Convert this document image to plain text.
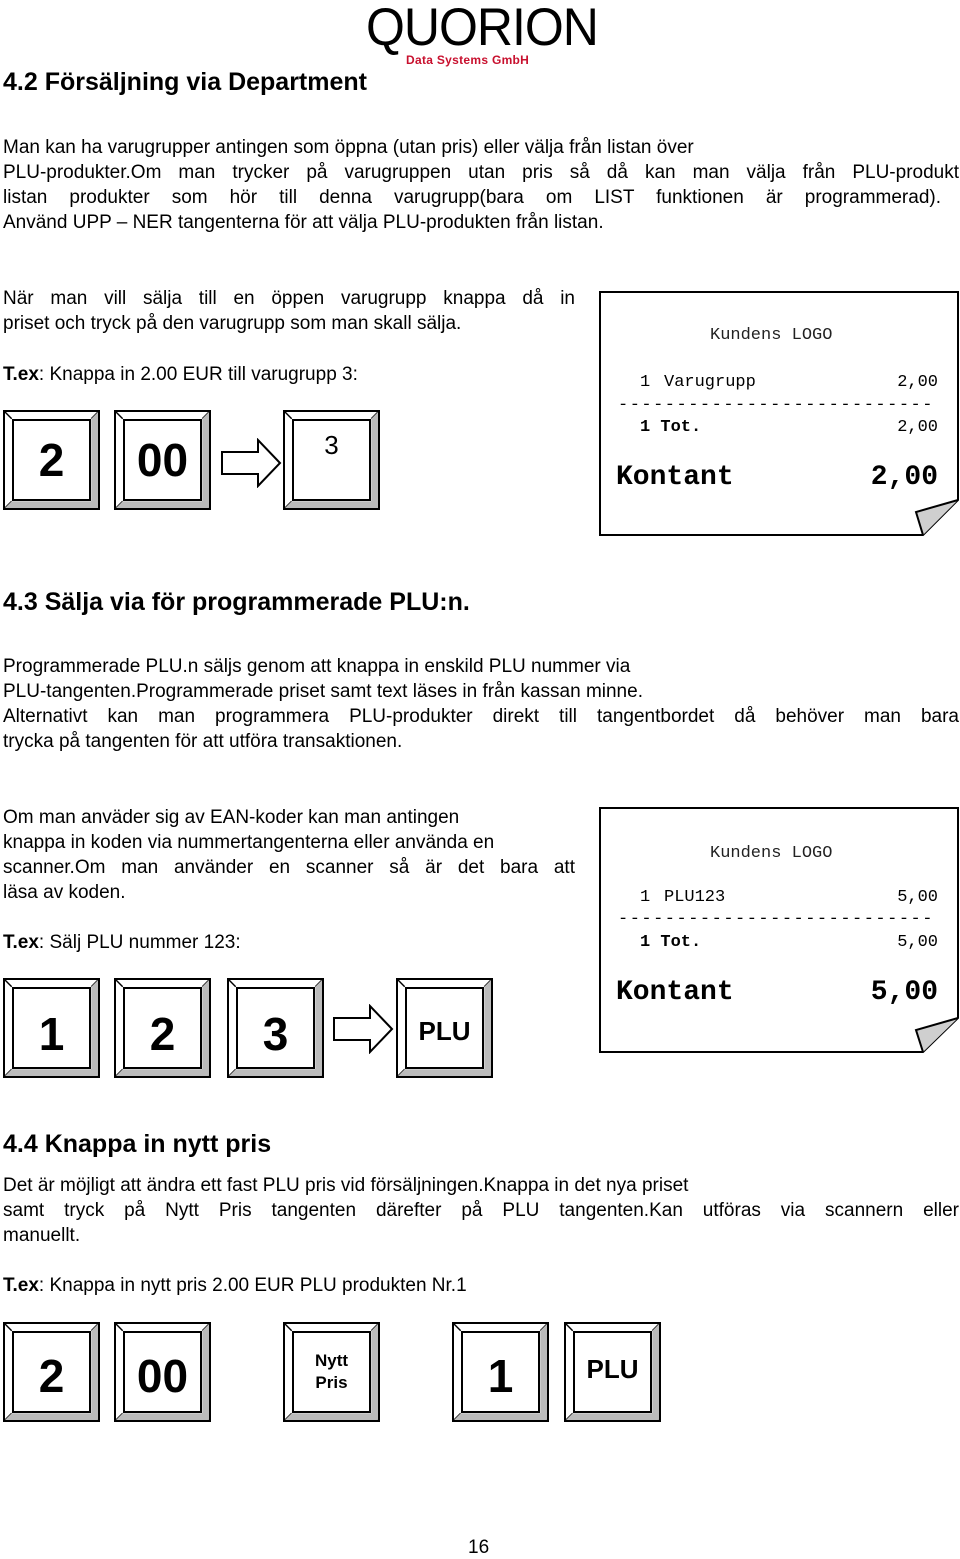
QUORION
Data Systems GmbH
4.2 Försäljning via Department
Man kan ha varugrupper antingen som öppna (utan pris) eller välja från listan över
PLU-produkter.Om man trycker på varugruppen utan pris så då kan man välja från PLU-produkt
listan produkter som hör till denna varugrupp(bara om LIST funktionen är programmerad).
Använd UPP – NER tangenterna för att välja PLU-produkten från listan.
När man vill sälja till en öppen varugrupp knappa då in
priset och tryck på den varugrupp som man skall sälja.
T.ex: Knappa in 2.00 EUR till varugrupp 3:
2	00	3
Kundens LOGO
1 Varugrupp	2,00
---------------------------
1 Tot.	2,00
Kontant	2,00
4.3 Sälja via för programmerade PLU:n.
Programmerade PLU.n säljs genom att knappa in enskild PLU nummer via
PLU-tangenten.Programmerade priset samt text läses in från kassan minne.
Alternativt kan man programmera PLU-produkter direkt till tangentbordet då behöver man bara
trycka på tangenten för att utföra transaktionen.
Om man anväder sig av EAN-koder kan man antingen
knappa in koden via nummertangenterna eller använda en
scanner.Om man använder en scanner så är det bara att
läsa av koden.
T.ex: Sälj PLU nummer 123:
1	2	3	PLU
Kundens LOGO
1 PLU123	5,00
---------------------------
1 Tot.	5,00
Kontant	5,00
4.4 Knappa in nytt pris
Det är möjligt att ändra ett fast PLU pris vid försäljningen.Knappa in det nya priset
samt tryck på Nytt Pris tangenten därefter på PLU tangenten.Kan utföras via scannern eller
manuellt.
T.ex: Knappa in nytt pris 2.00 EUR PLU produkten Nr.1
2	00	Nytt
Pris	1	PLU
16
